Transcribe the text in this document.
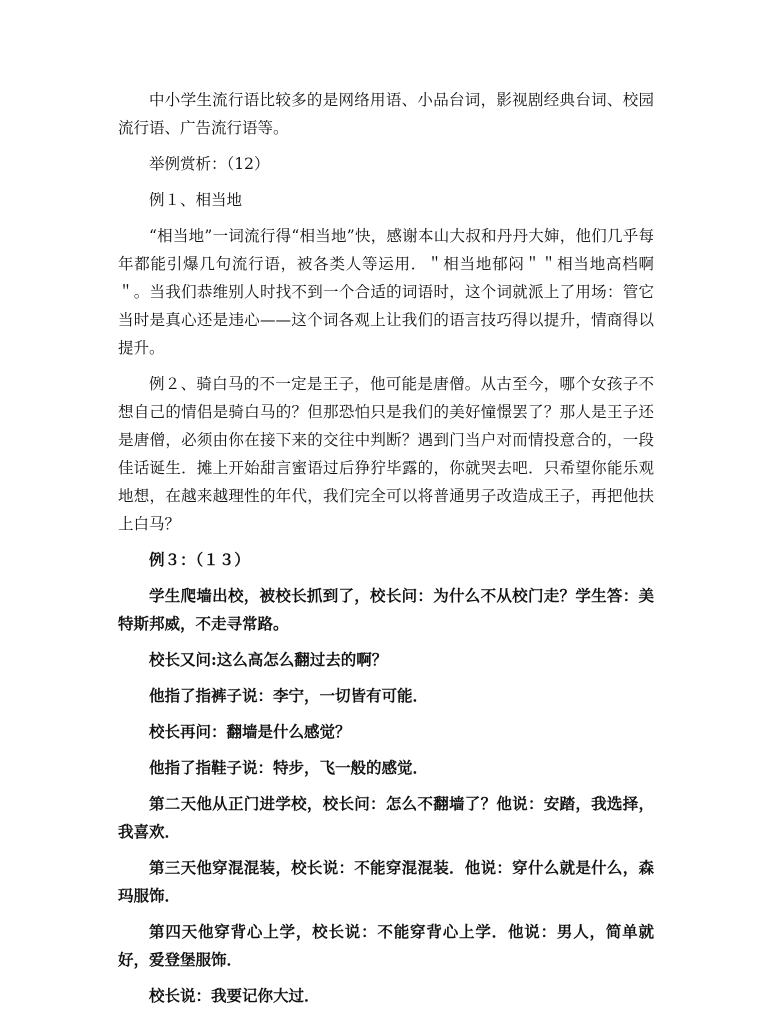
中小学生流行语比较多的是网络用语、小品台词，影视剧经典台词、校园流行语、广告流行语等。

举例赏析：（12）

例１、相当地

“相当地”一词流行得“相当地”快，感谢本山大叔和丹丹大婶，他们几乎每年都能引爆几句流行语，被各类人等运用．＂相当地郁闷＂＂相当地高档啊＂。当我们恭维别人时找不到一个合适的词语时，这个词就派上了用场：管它当时是真心还是违心——这个词各观上让我们的语言技巧得以提升，情商得以提升。

例２、骑白马的不一定是王子，他可能是唐僧。从古至今，哪个女孩子不想自己的情侣是骑白马的？但那恐怕只是我们的美好憧憬罢了？那人是王子还是唐僧，必须由你在接下来的交往中判断？遇到门当户对而情投意合的，一段佳话诞生．摊上开始甜言蜜语过后狰狞毕露的，你就哭去吧．只希望你能乐观地想，在越来越理性的年代，我们完全可以将普通男子改造成王子，再把他扶上白马？

例３：（１３）

学生爬墙出校，被校长抓到了，校长问：为什么不从校门走？学生答：美特斯邦威，不走寻常路。

校长又问:这么高怎么翻过去的啊？

他指了指裤子说：李宁，一切皆有可能．

校长再问：翻墙是什么感觉？

他指了指鞋子说：特步，飞一般的感觉．

第二天他从正门进学校，校长问：怎么不翻墙了？他说：安踏，我选择，我喜欢．

第三天他穿混混装，校长说：不能穿混混装．他说：穿什么就是什么，森玛服饰．

第四天他穿背心上学，校长说：不能穿背心上学．他说：男人，简单就好，爱登堡服饰．

校长说：我要记你大过．
